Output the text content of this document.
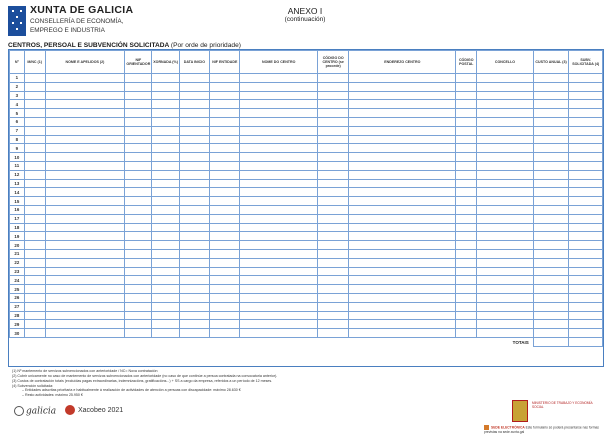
XUNTA DE GALICIA
CONSELLERÍA DE ECONOMÍA,
EMPREGO E INDUSTRIA
ANEXO I
(continuación)
CENTROS, PERSOAL E SUBVENCIÓN SOLICITADA (Por orde de prioridade)
Nº	M/NC (1)	NOME E APELIDOS (2)	NIF ORIENTADOR	XORNADA (%)	DATA INICIO	NIF ENTIDADE	NOME DO CENTRO	CÓDIGO DO CENTRO (se procede)	ENDEREZO CENTRO	CÓDIGO POSTAL	CONCELLO	CUSTO ANUAL (3)	SUBV. SOLICITADA (4)
1													
2													
3													
4													
5													
6													
7													
8													
9													
10													
11													
12													
13													
14													
15													
16													
17													
18													
19													
20													
21													
22													
23													
24													
25													
26													
27													
28													
29													
30													
TOTAIS													
(1) Nº mantemento de servizos subvencionados con anterioridade / NC= Nova contratación
(2) Cubrir unicamente no caso de mantemento de servizos subvencionados con anterioridade (no caso de que continúe a persoa contratada na convocatoria anterior).
(3) Custos de contratación totais (excluídas pagas extraordinarias, indemnizacións, gratificacións...) + SS a cargo da empresa, referidos a un período de 12 meses.
(4) Subvención solicitada:
– Entidades adscritas prioritaria e habitualmente á realización de actividades de atención a persoas con discapacidade: máximo 28.630 €
– Resto actividades: máximo 25.950 €
galicia	Xacobeo 2021
MINISTERIO DE TRABAJO Y ECONOMÍA SOCIAL
SEDE ELECTRÓNICA Este formulario só poderá presentarse nas formas previstas na sede.xunta.gal
